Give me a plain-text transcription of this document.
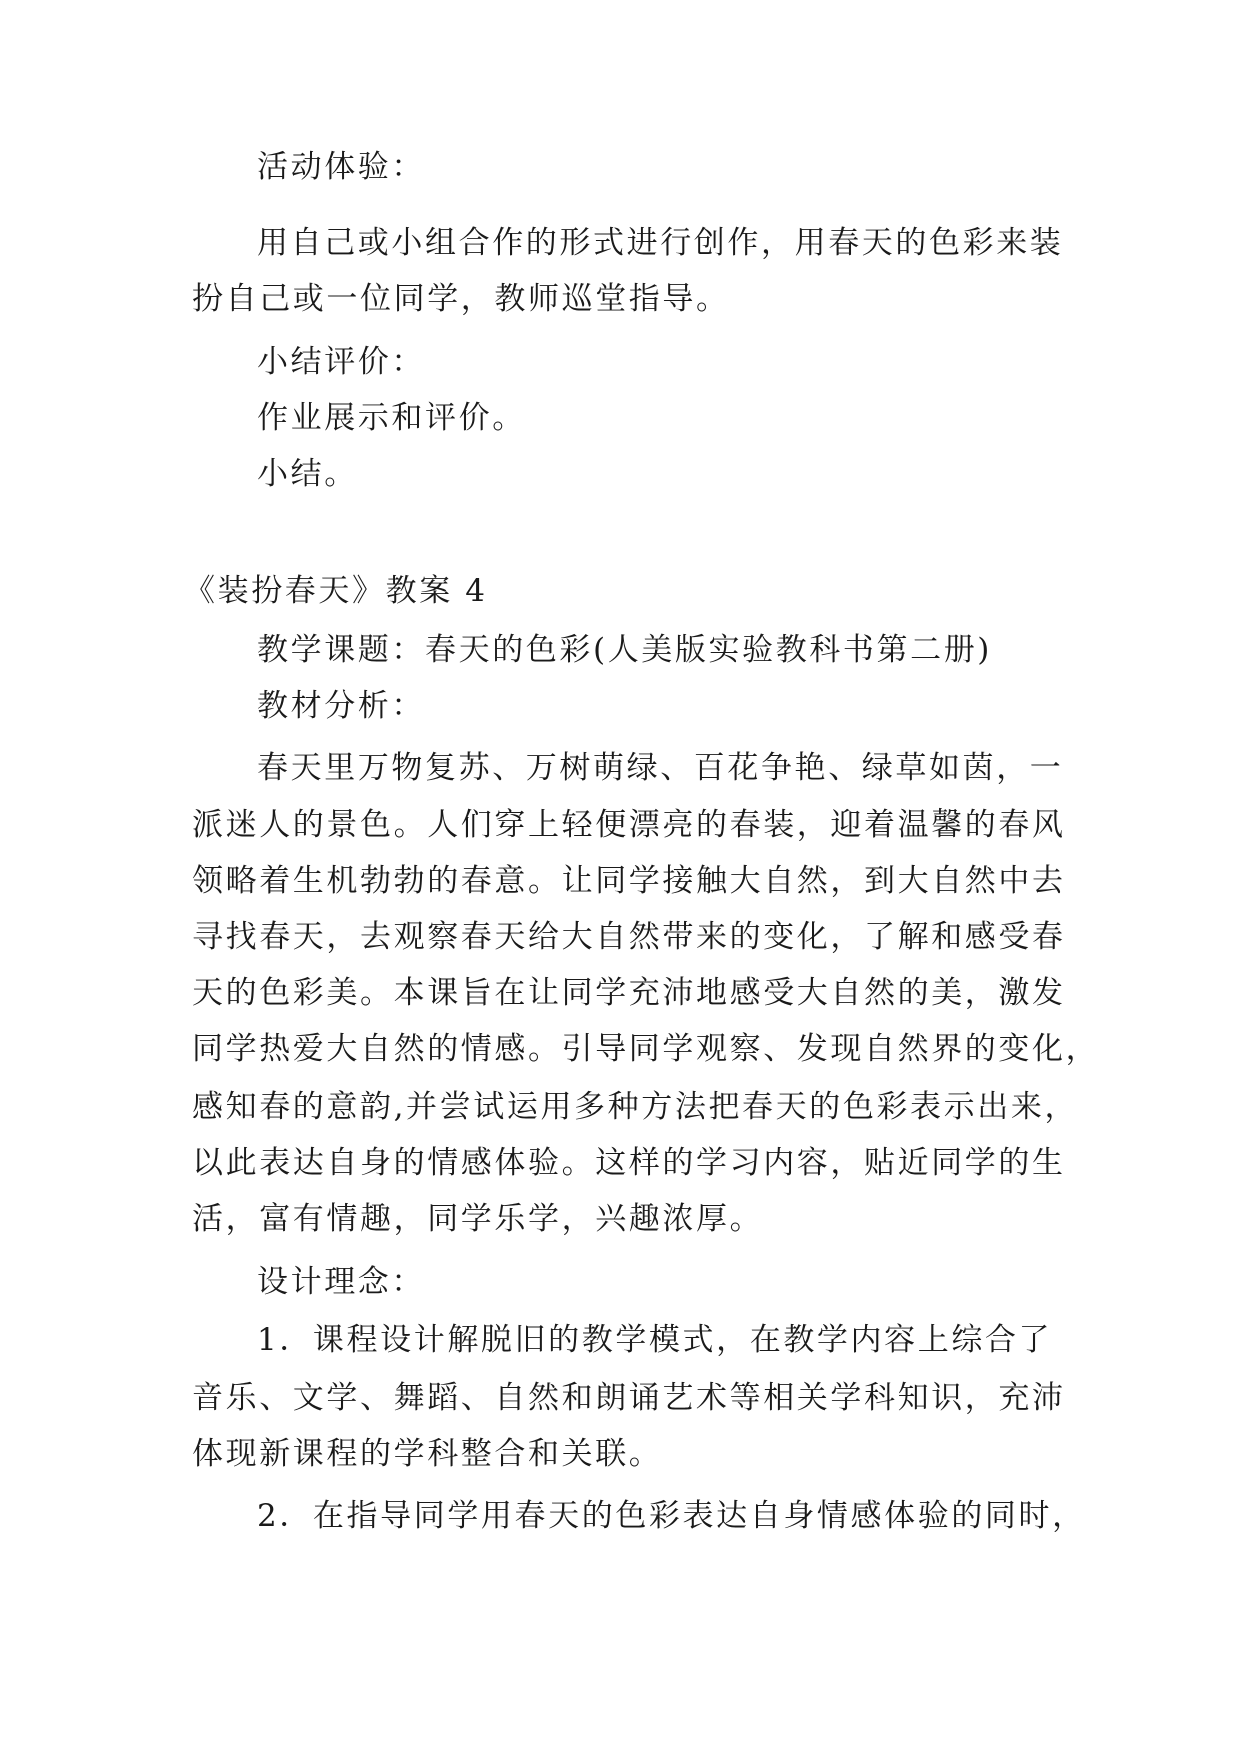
活动体验：
用自己或小组合作的形式进行创作，用春天的色彩来装
扮自己或一位同学，教师巡堂指导。
小结评价：
作业展示和评价。
小结。
《装扮春天》教案 4
教学课题：春天的色彩(人美版实验教科书第二册)
教材分析：
春天里万物复苏、万树萌绿、百花争艳、绿草如茵，一
派迷人的景色。人们穿上轻便漂亮的春装，迎着温馨的春风
领略着生机勃勃的春意。让同学接触大自然，到大自然中去
寻找春天，去观察春天给大自然带来的变化，了解和感受春
天的色彩美。本课旨在让同学充沛地感受大自然的美，激发
同学热爱大自然的情感。引导同学观察、发现自然界的变化，
感知春的意韵,并尝试运用多种方法把春天的色彩表示出来，
以此表达自身的情感体验。这样的学习内容，贴近同学的生
活，富有情趣，同学乐学，兴趣浓厚。
设计理念：
1．课程设计解脱旧的教学模式，在教学内容上综合了
音乐、文学、舞蹈、自然和朗诵艺术等相关学科知识，充沛
体现新课程的学科整合和关联。
2．在指导同学用春天的色彩表达自身情感体验的同时，
